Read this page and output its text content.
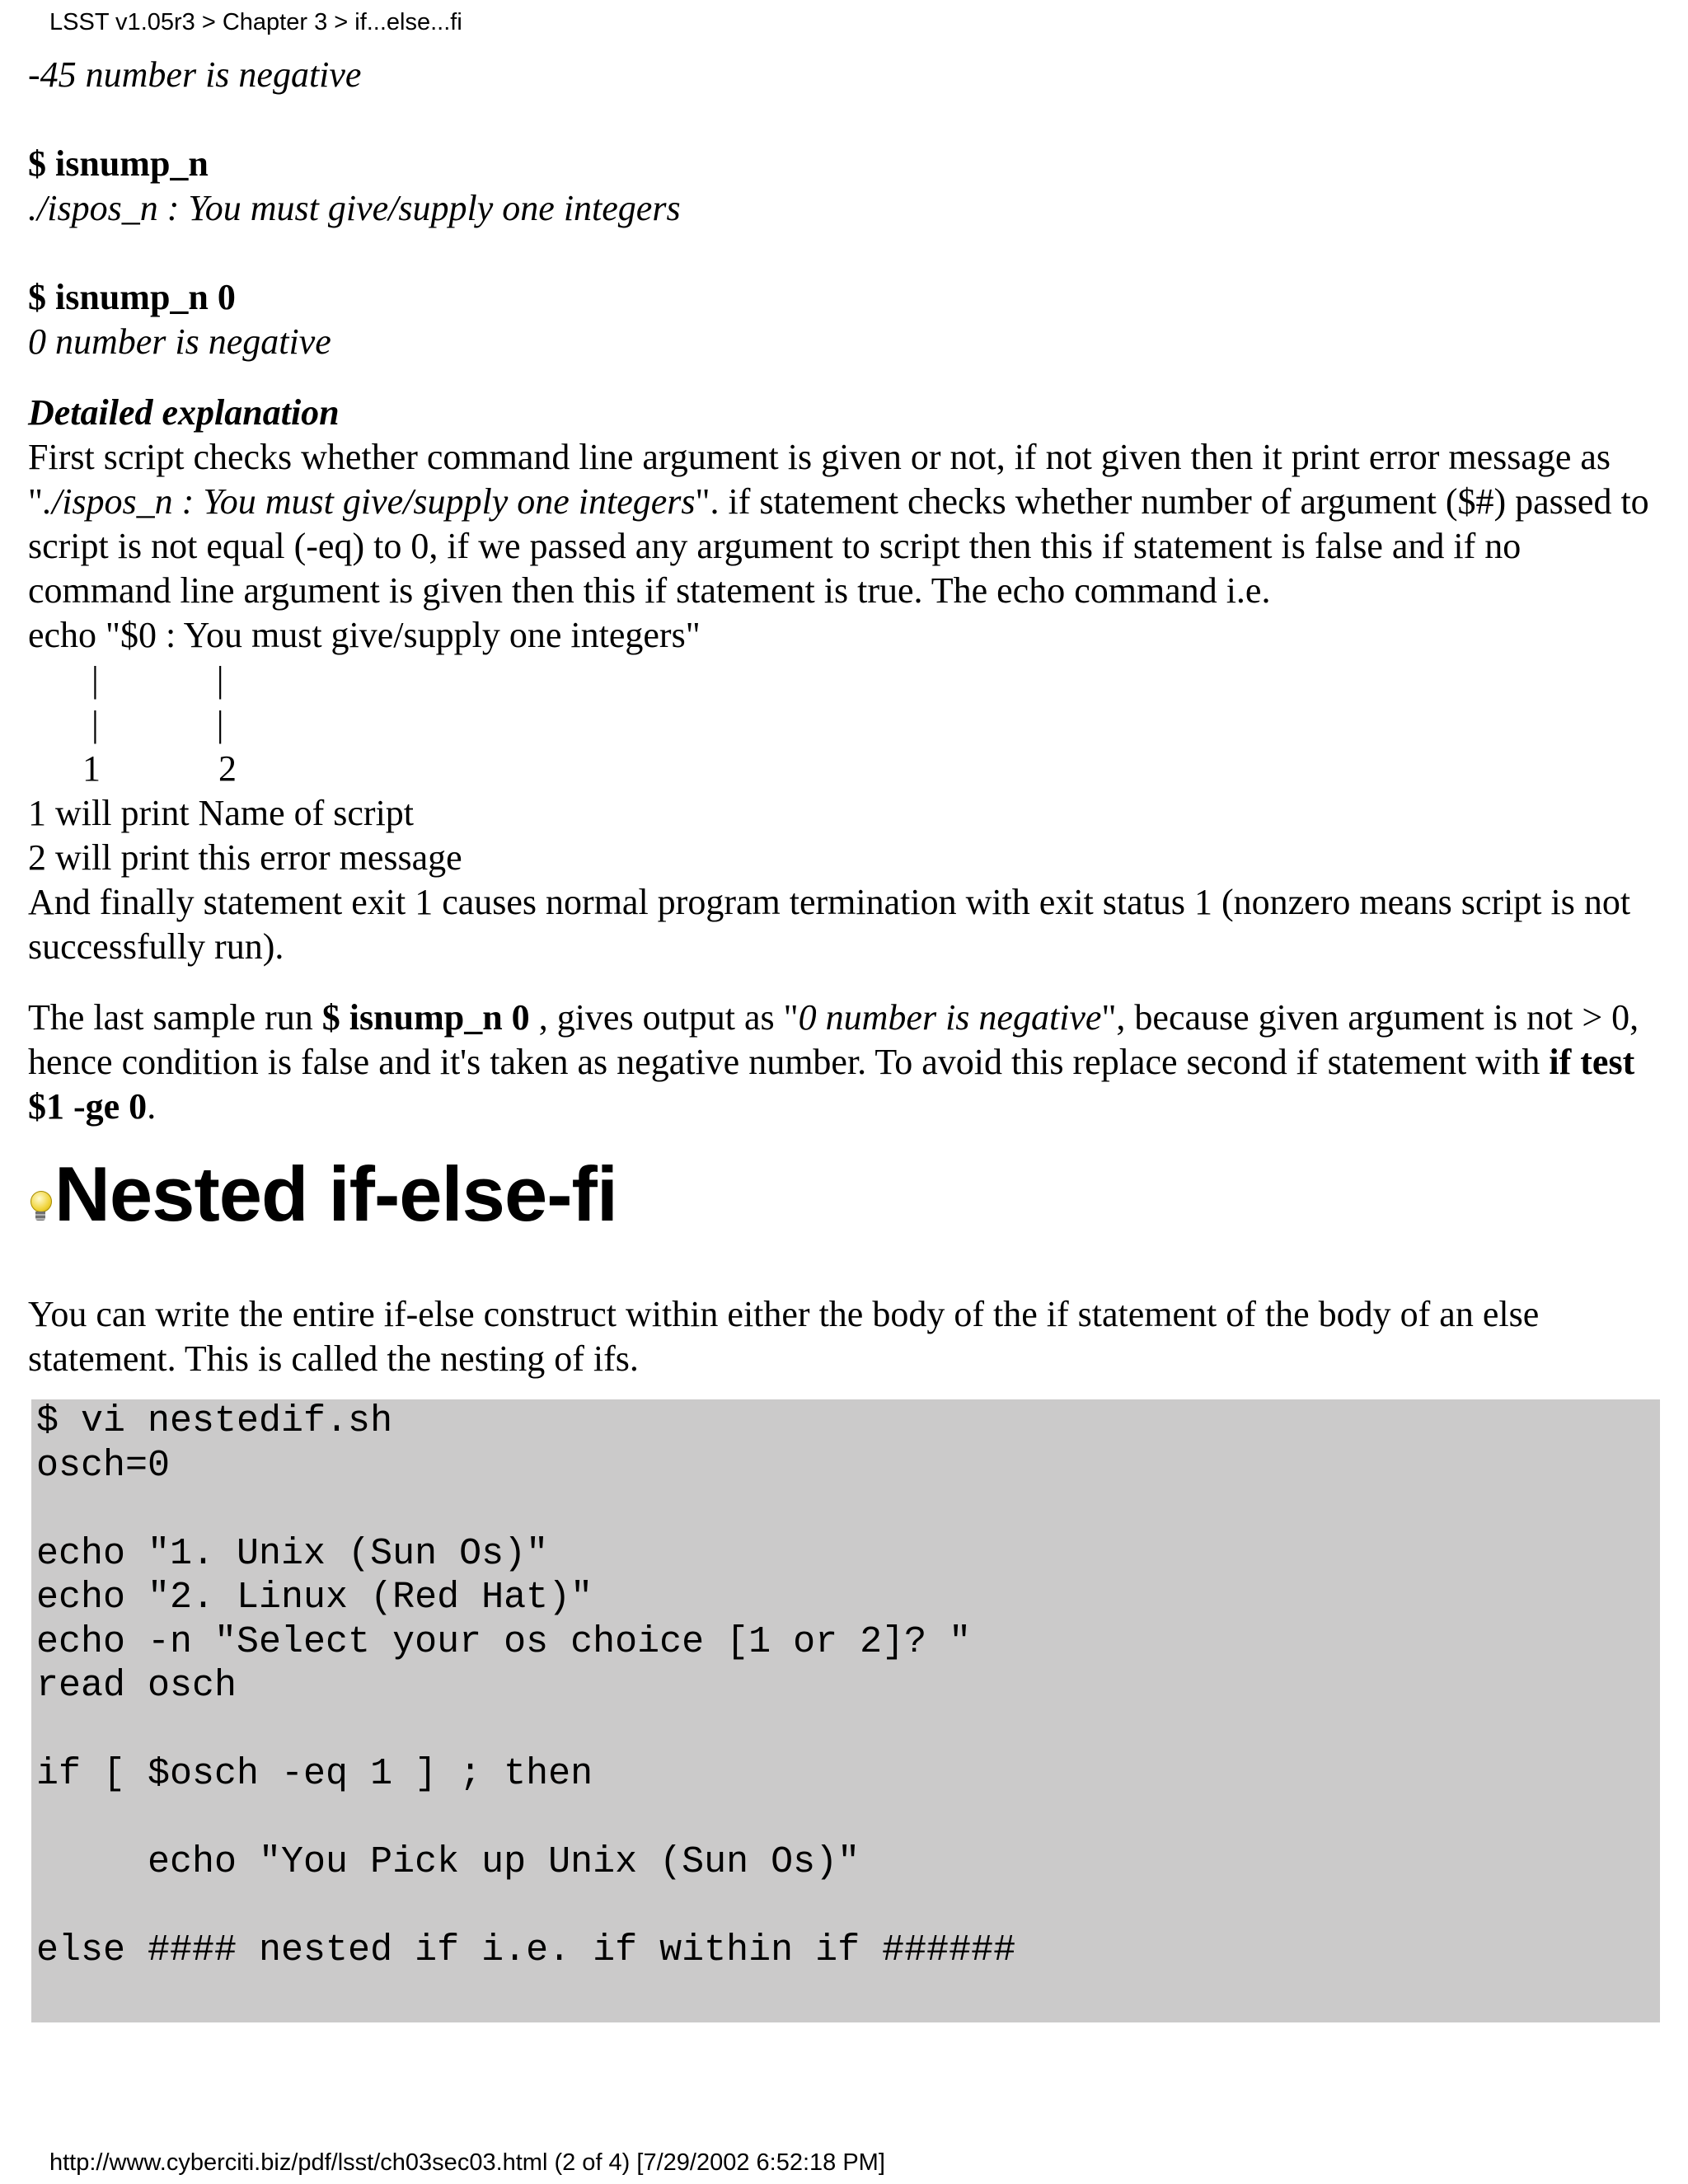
LSST v1.05r3 > Chapter 3 > if...else...fi

-45 number is negative

$ isnump_n

./ispos_n : You must give/supply one integers

$ isnump_n 0

0 number is negative

Detailed explanation

First script checks whether command line argument is given or not, if not given then it print error message as "./ispos_n : You must give/supply one integers". if statement checks whether number of argument ($#) passed to script is not equal (-eq) to 0, if we passed any argument to script then this if statement is false and if no command line argument is given then this if statement is true. The echo command i.e.

echo "$0 : You must give/supply one integers"

|             |

|             |

1             2

1 will print Name of script

2 will print this error message

And finally statement exit 1 causes normal program termination with exit status 1 (nonzero means script is not successfully run).

The last sample run $ isnump_n 0 , gives output as "0 number is negative", because given argument is not > 0, hence condition is false and it's taken as negative number. To avoid this replace second if statement with if test $1 -ge 0.

Nested if-else-fi

You can write the entire if-else construct within either the body of the if statement of the body of an else statement. This is called the nesting of ifs.

$ vi nestedif.sh
osch=0
echo "1. Unix (Sun Os)"
echo "2. Linux (Red Hat)"
echo -n "Select your os choice [1 or 2]? "
read osch
if [ $osch -eq 1 ] ; then
echo "You Pick up Unix (Sun Os)"
else #### nested if i.e. if within if ######
http://www.cyberciti.biz/pdf/lsst/ch03sec03.html (2 of 4) [7/29/2002 6:52:18 PM]
